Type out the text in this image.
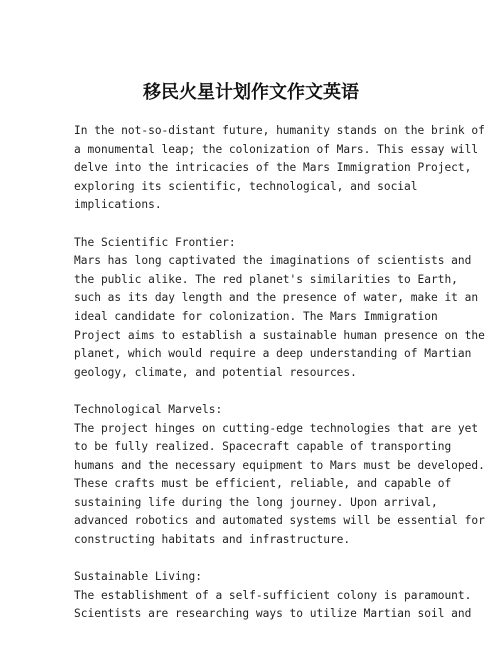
移民火星计划作文作文英语
In the not-so-distant future, humanity stands on the brink of
a monumental leap; the colonization of Mars. This essay will
delve into the intricacies of the Mars Immigration Project,
exploring its scientific, technological, and social
implications.
The Scientific Frontier:
Mars has long captivated the imaginations of scientists and
the public alike. The red planet's similarities to Earth,
such as its day length and the presence of water, make it an
ideal candidate for colonization. The Mars Immigration
Project aims to establish a sustainable human presence on the
planet, which would require a deep understanding of Martian
geology, climate, and potential resources.
Technological Marvels:
The project hinges on cutting-edge technologies that are yet
to be fully realized. Spacecraft capable of transporting
humans and the necessary equipment to Mars must be developed.
These crafts must be efficient, reliable, and capable of
sustaining life during the long journey. Upon arrival,
advanced robotics and automated systems will be essential for
constructing habitats and infrastructure.
Sustainable Living:
The establishment of a self-sufficient colony is paramount.
Scientists are researching ways to utilize Martian soil and
